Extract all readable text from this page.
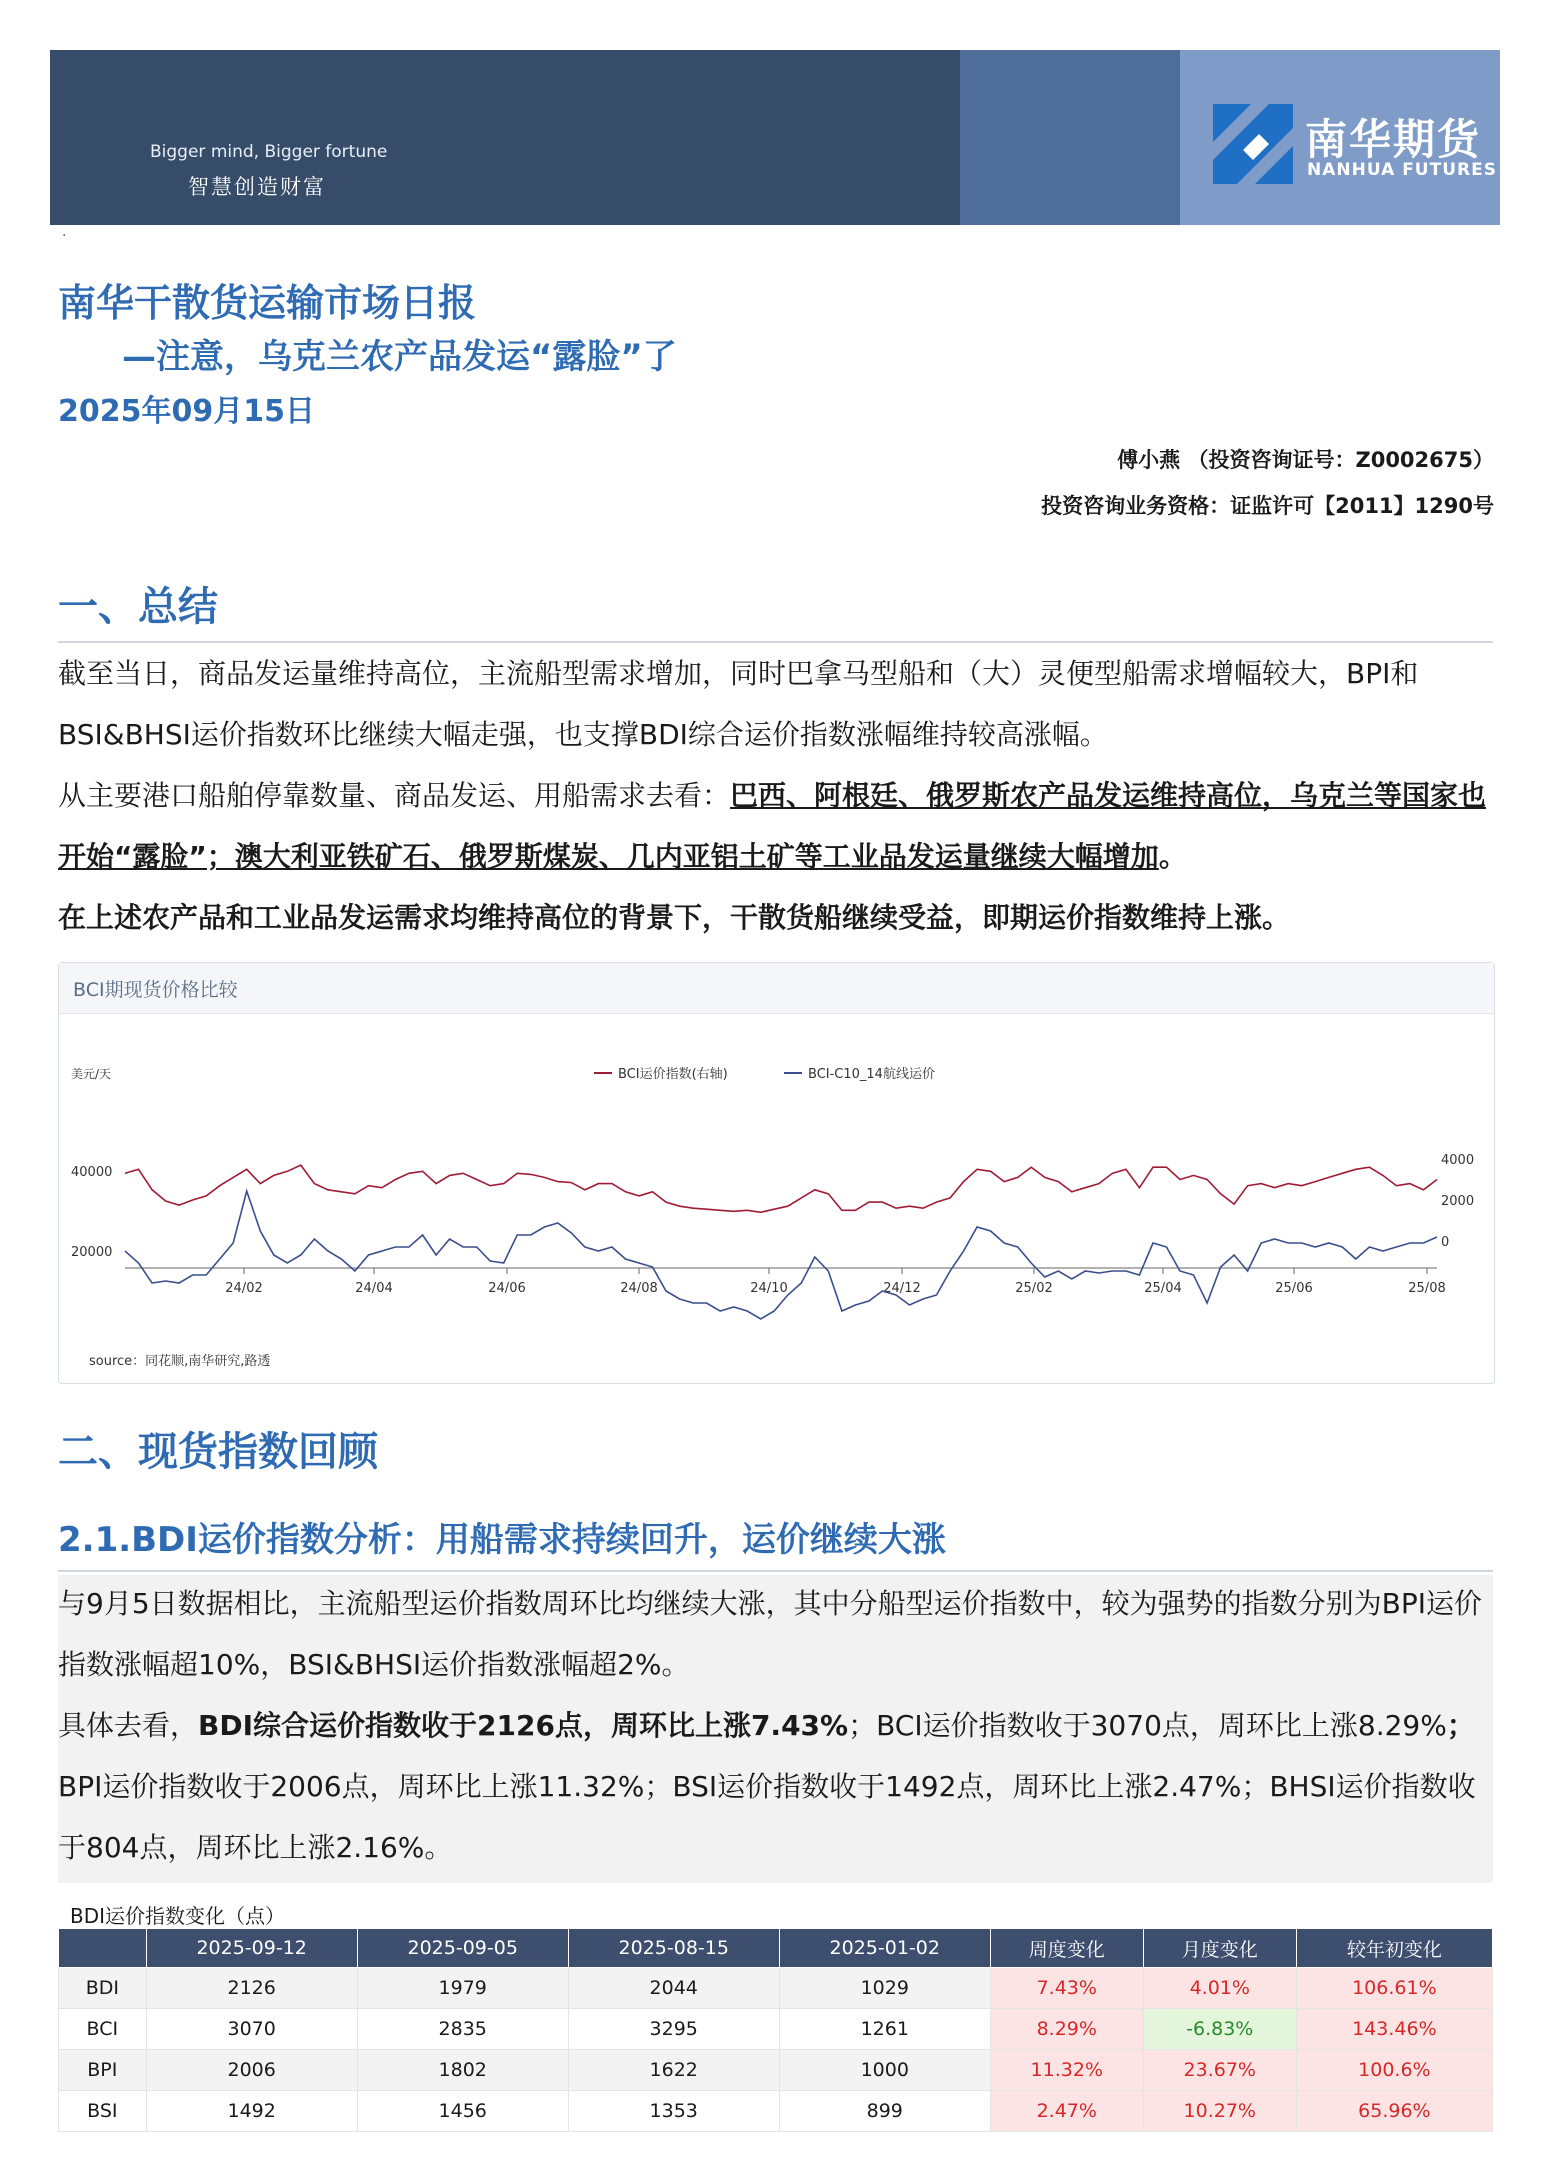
Bigger mind, Bigger fortune
智慧创造财富
南华期货
NANHUA FUTURES
·
南华干散货运输市场日报
—注意，乌克兰农产品发运“露脸”了
2025年09月15日
傅小燕 （投资咨询证号：Z0002675）
投资咨询业务资格：证监许可【2011】1290号
一、总结

截至当日，商品发运量维持高位，主流船型需求增加，同时巴拿马型船和（大）灵便型船需求增幅较大，BPI和BSI&BHSI运价指数环比继续大幅走强，也支撑BDI综合运价指数涨幅维持较高涨幅。

从主要港口船舶停靠数量、商品发运、用船需求去看：巴西、阿根廷、俄罗斯农产品发运维持高位，乌克兰等国家也开始“露脸”；澳大利亚铁矿石、俄罗斯煤炭、几内亚铝土矿等工业品发运量继续大幅增加。

在上述农产品和工业品发运需求均维持高位的背景下，干散货船继续受益，即期运价指数维持上涨。

BCI期现货价格比较
美元/天
40000
20000
4000
2000
0
24/02	24/04	24/06	24/08	24/10	24/12	25/02	25/04	25/06	25/08
BCI运价指数(右轴)	BCI-C10_14航线运价
source：同花顺,南华研究,路透
二、现货指数回顾
2.1.BDI运价指数分析：用船需求持续回升，运价继续大涨

与9月5日数据相比，主流船型运价指数周环比均继续大涨，其中分船型运价指数中，较为强势的指数分别为BPI运价指数涨幅超10%，BSI&BHSI运价指数涨幅超2%。

具体去看，BDI综合运价指数收于2126点，周环比上涨7.43%；BCI运价指数收于3070点，周环比上涨8.29%；BPI运价指数收于2006点，周环比上涨11.32%；BSI运价指数收于1492点，周环比上涨2.47%；BHSI运价指数收于804点，周环比上涨2.16%。

BDI运价指数变化（点）
	2025-09-12	2025-09-05	2025-08-15	2025-01-02	周度变化	月度变化	较年初变化
BDI	2126	1979	2044	1029	7.43%	4.01%	106.61%
BCI	3070	2835	3295	1261	8.29%	-6.83%	143.46%
BPI	2006	1802	1622	1000	11.32%	23.67%	100.6%
BSI	1492	1456	1353	899	2.47%	10.27%	65.96%
